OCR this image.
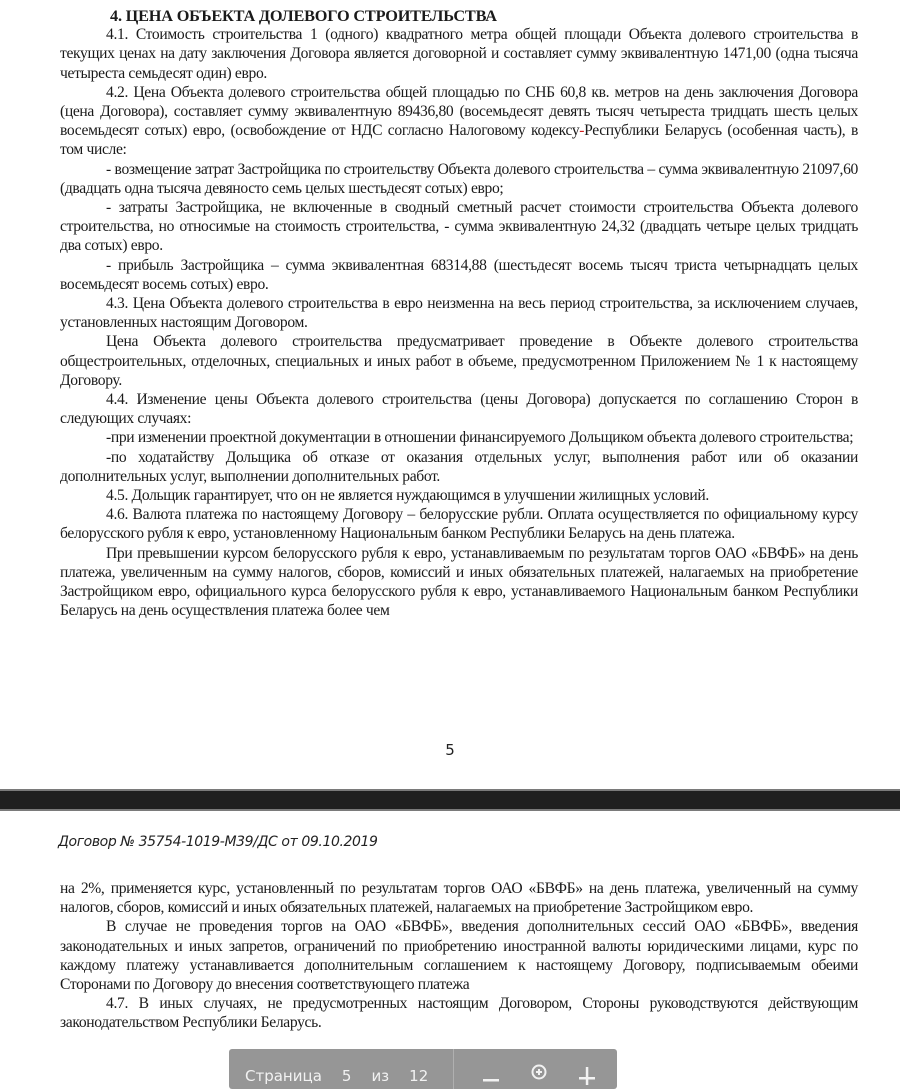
4. ЦЕНА ОБЪЕКТА ДОЛЕВОГО СТРОИТЕЛЬСТВА

4.1. Стоимость строительства 1 (одного) квадратного метра общей площади Объекта долевого строительства в текущих ценах на дату заключения Договора является договорной и составляет сумму эквивалентную 1471,00 (одна тысяча четыреста семьдесят один) евро.

4.2. Цена Объекта долевого строительства общей площадью по СНБ 60,8 кв. метров на день заключения Договора (цена Договора), составляет сумму эквивалентную 89436,80 (восемьдесят девять тысяч четыреста тридцать шесть целых восемьдесят сотых) евро, (освобождение от НДС согласно Налоговому кодексу-Республики Беларусь (особенная часть), в том числе:

- возмещение затрат Застройщика по строительству Объекта долевого строительства – сумма эквивалентную 21097,60 (двадцать одна тысяча девяносто семь целых шестьдесят сотых) евро;

- затраты Застройщика, не включенные в сводный сметный расчет стоимости строительства Объекта долевого строительства, но относимые на стоимость строительства, - сумма эквивалентную 24,32 (двадцать четыре целых тридцать два сотых) евро.

- прибыль Застройщика – сумма эквивалентная 68314,88 (шестьдесят восемь тысяч триста четырнадцать целых восемьдесят восемь сотых) евро.

4.3. Цена Объекта долевого строительства в евро неизменна на весь период строительства, за исключением случаев, установленных настоящим Договором.

Цена Объекта долевого строительства предусматривает проведение в Объекте долевого строительства общестроительных, отделочных, специальных и иных работ в объеме, предусмотренном Приложением № 1 к настоящему Договору.

4.4. Изменение цены Объекта долевого строительства (цены Договора) допускается по соглашению Сторон в следующих случаях:

-при изменении проектной документации в отношении финансируемого Дольщиком объекта долевого строительства;

-по ходатайству Дольщика об отказе от оказания отдельных услуг, выполнения работ или об оказании дополнительных услуг, выполнении дополнительных работ.

4.5. Дольщик гарантирует, что он не является нуждающимся в улучшении жилищных условий.

4.6. Валюта платежа по настоящему Договору – белорусские рубли. Оплата осуществляется по официальному курсу белорусского рубля к евро, установленному Национальным банком Республики Беларусь на день платежа.

При превышении курсом белорусского рубля к евро, устанавливаемым по результатам торгов ОАО «БВФБ» на день платежа, увеличенным на сумму налогов, сборов, комиссий и иных обязательных платежей, налагаемых на приобретение Застройщиком евро, официального курса белорусского рубля к евро, устанавливаемого Национальным банком Республики Беларусь на день осуществления платежа более чем

5
Договор № 35754-1019-М39/ДС от 09.10.2019

на 2%, применяется курс, установленный по результатам торгов ОАО «БВФБ» на день платежа, увеличенный на сумму налогов, сборов, комиссий и иных обязательных платежей, налагаемых на приобретение Застройщиком евро.

В случае не проведения торгов на ОАО «БВФБ», введения дополнительных сессий ОАО «БВФБ», введения законодательных и иных запретов, ограничений по приобретению иностранной валюты юридическими лицами, курс по каждому платежу устанавливается дополнительным соглашением к настоящему Договору, подписываемым обеими Сторонами по Договору до внесения соответствующего платежа

4.7. В иных случаях, не предусмотренных настоящим Договором, Стороны руководствуются действующим законодательством Республики Беларусь.

Страница 5 из 12
